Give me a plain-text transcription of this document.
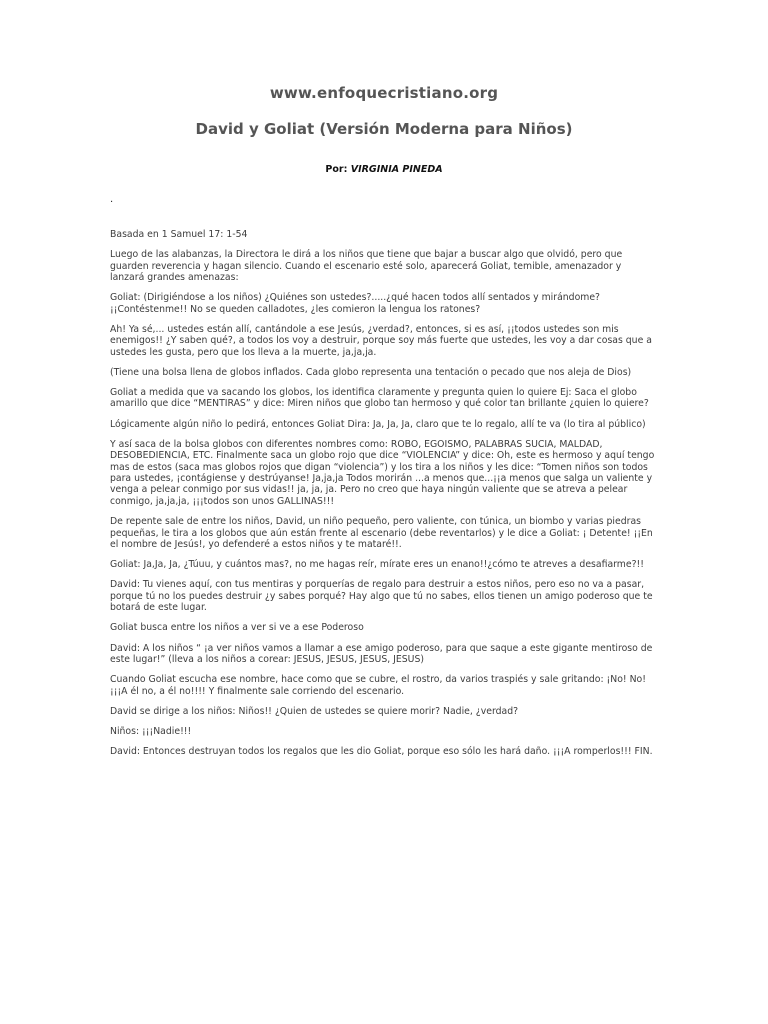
www.enfoquecristiano.org
David y Goliat (Versión Moderna para Niños)
Por: VIRGINIA PINEDA
.

Basada en 1 Samuel 17: 1-54

Luego de las alabanzas, la Directora le dirá a los niños que tiene que bajar a buscar algo que olvidó, pero que guarden reverencia y hagan silencio. Cuando el escenario esté solo, aparecerá Goliat, temible, amenazador y lanzará grandes amenazas:

Goliat: (Dirigiéndose a los niños) ¿Quiénes son ustedes?.....¿qué hacen todos allí sentados y mirándome? ¡¡Contéstenme!! No se queden calladotes, ¿les comieron la lengua los ratones?

Ah! Ya sé,... ustedes están allí, cantándole a ese Jesús, ¿verdad?, entonces, si es así, ¡¡todos ustedes son mis enemigos!! ¿Y saben qué?, a todos los voy a destruir, porque soy más fuerte que ustedes, les voy a dar cosas que a ustedes les gusta, pero que los lleva a la muerte, ja,ja,ja.

(Tiene una bolsa llena de globos inflados. Cada globo representa una tentación o pecado que nos aleja de Dios)

Goliat a medida que va sacando los globos, los identifica claramente y pregunta quien lo quiere Ej: Saca el globo amarillo que dice “MENTIRAS” y dice: Miren niños que globo tan hermoso y qué color tan brillante ¿quien lo quiere?

Lógicamente algún niño lo pedirá, entonces Goliat Dira: Ja, Ja, Ja, claro que te lo regalo, allí te va (lo tira al público)

Y así saca de la bolsa globos con diferentes nombres como: ROBO, EGOISMO, PALABRAS SUCIA, MALDAD, DESOBEDIENCIA, ETC. Finalmente saca un globo rojo que dice “VIOLENCIA” y dice: Oh, este es hermoso y aquí tengo mas de estos (saca mas globos rojos que digan “violencia”) y los tira a los niños y les dice: “Tomen niños son todos para ustedes, ¡contágiense y destrúyanse! Ja,ja,ja Todos morirán ...a menos que...¡¡a menos que salga un valiente y venga a pelear conmigo por sus vidas!! ja, ja, ja. Pero no creo que haya ningún valiente que se atreva a pelear conmigo, ja,ja,ja, ¡¡¡todos son unos GALLINAS!!!

De repente sale de entre los niños, David, un niño pequeño, pero valiente, con túnica, un biombo y varias piedras pequeñas, le tira a los globos que aún están frente al escenario (debe reventarlos) y le dice a Goliat: ¡ Detente! ¡¡En el nombre de Jesús!, yo defenderé a estos niños y te mataré!!.

Goliat: Ja,Ja, Ja, ¿Túuu, y cuántos mas?, no me hagas reír, mírate eres un enano!!¿cómo te atreves a desafiarme?!!

David: Tu vienes aquí, con tus mentiras y porquerías de regalo para destruir a estos niños, pero eso no va a pasar, porque tú no los puedes destruir ¿y sabes porqué? Hay algo que tú no sabes, ellos tienen un amigo poderoso que te botará de este lugar.

Goliat busca entre los niños a ver si ve a ese Poderoso

David: A los niños “ ¡a ver niños vamos a llamar a ese amigo poderoso, para que saque a este gigante mentiroso de este lugar!” (lleva a los niños a corear: JESUS, JESUS, JESUS, JESUS)

Cuando Goliat escucha ese nombre, hace como que se cubre, el rostro, da varios traspiés y sale gritando: ¡No! No! ¡¡¡A él no, a él no!!!! Y finalmente sale corriendo del escenario.

David se dirige a los niños: Niños!! ¿Quien de ustedes se quiere morir? Nadie, ¿verdad?

Niños: ¡¡¡Nadie!!!

David: Entonces destruyan todos los regalos que les dio Goliat, porque eso sólo les hará daño. ¡¡¡A romperlos!!! FIN.
